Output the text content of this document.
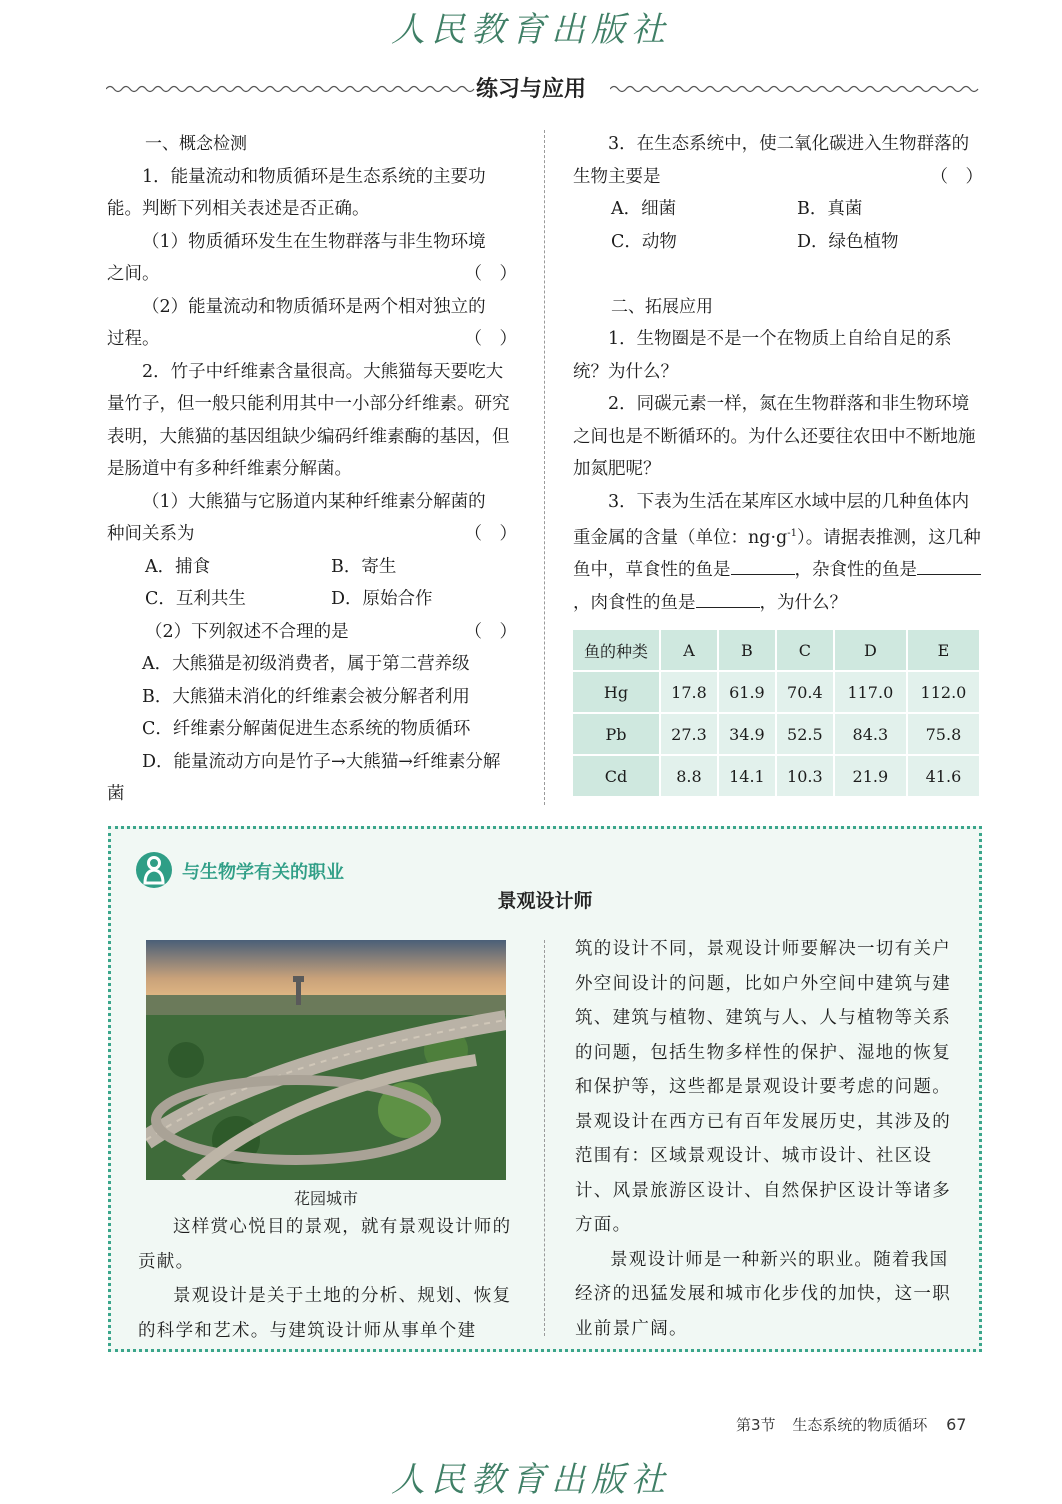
人民教育出版社
练习与应用

一、概念检测

1．能量流动和物质循环是生态系统的主要功能。判断下列相关表述是否正确。

（1）物质循环发生在生物群落与非生物环境

之间。	（　）

（2）能量流动和物质循环是两个相对独立的

过程。	（　）

2．竹子中纤维素含量很高。大熊猫每天要吃大量竹子，但一般只能利用其中一小部分纤维素。研究表明，大熊猫的基因组缺少编码纤维素酶的基因，但是肠道中有多种纤维素分解菌。

（1）大熊猫与它肠道内某种纤维素分解菌的

种间关系为	（　）
A．捕食	B．寄生
C．互利共生	D．原始合作
（2）下列叙述不合理的是	（　）

A．大熊猫是初级消费者，属于第二营养级

B．大熊猫未消化的纤维素会被分解者利用

C．纤维素分解菌促进生态系统的物质循环

D．能量流动方向是竹子→大熊猫→纤维素分解菌

3．在生态系统中，使二氧化碳进入生物群落的生物主要是	（　）
A．细菌	B．真菌
C．动物	D．绿色植物

二、拓展应用

1．生物圈是不是一个在物质上自给自足的系统？为什么？

2．同碳元素一样，氮在生物群落和非生物环境之间也是不断循环的。为什么还要往农田中不断地施加氮肥呢？

3．下表为生活在某库区水域中层的几种鱼体内重金属的含量（单位：$ng\cdot g^{-1}$）。请据表推测，这几种鱼中，草食性的鱼是	，杂食性的鱼是，肉食性的鱼是	，为什么？

鱼的种类	A	B	C	D	E
Hg	17.8	61.9	70.4	117.0	112.0
Pb	27.3	34.9	52.5	84.3	75.8
Cd	8.8	14.1	10.3	21.9	41.6
与生物学有关的职业
景观设计师
花园城市

这样赏心悦目的景观，就有景观设计师的贡献。

景观设计是关于土地的分析、规划、恢复的科学和艺术。与建筑设计师从事单个建

筑的设计不同，景观设计师要解决一切有关户外空间设计的问题，比如户外空间中建筑与建筑、建筑与植物、建筑与人、人与植物等关系的问题，包括生物多样性的保护、湿地的恢复和保护等，这些都是景观设计要考虑的问题。景观设计在西方已有百年发展历史，其涉及的范围有：区域景观设计、城市设计、社区设计、风景旅游区设计、自然保护区设计等诸多方面。

景观设计师是一种新兴的职业。随着我国经济的迅猛发展和城市化步伐的加快，这一职业前景广阔。

第3节 生态系统的物质循环 67
人民教育出版社
